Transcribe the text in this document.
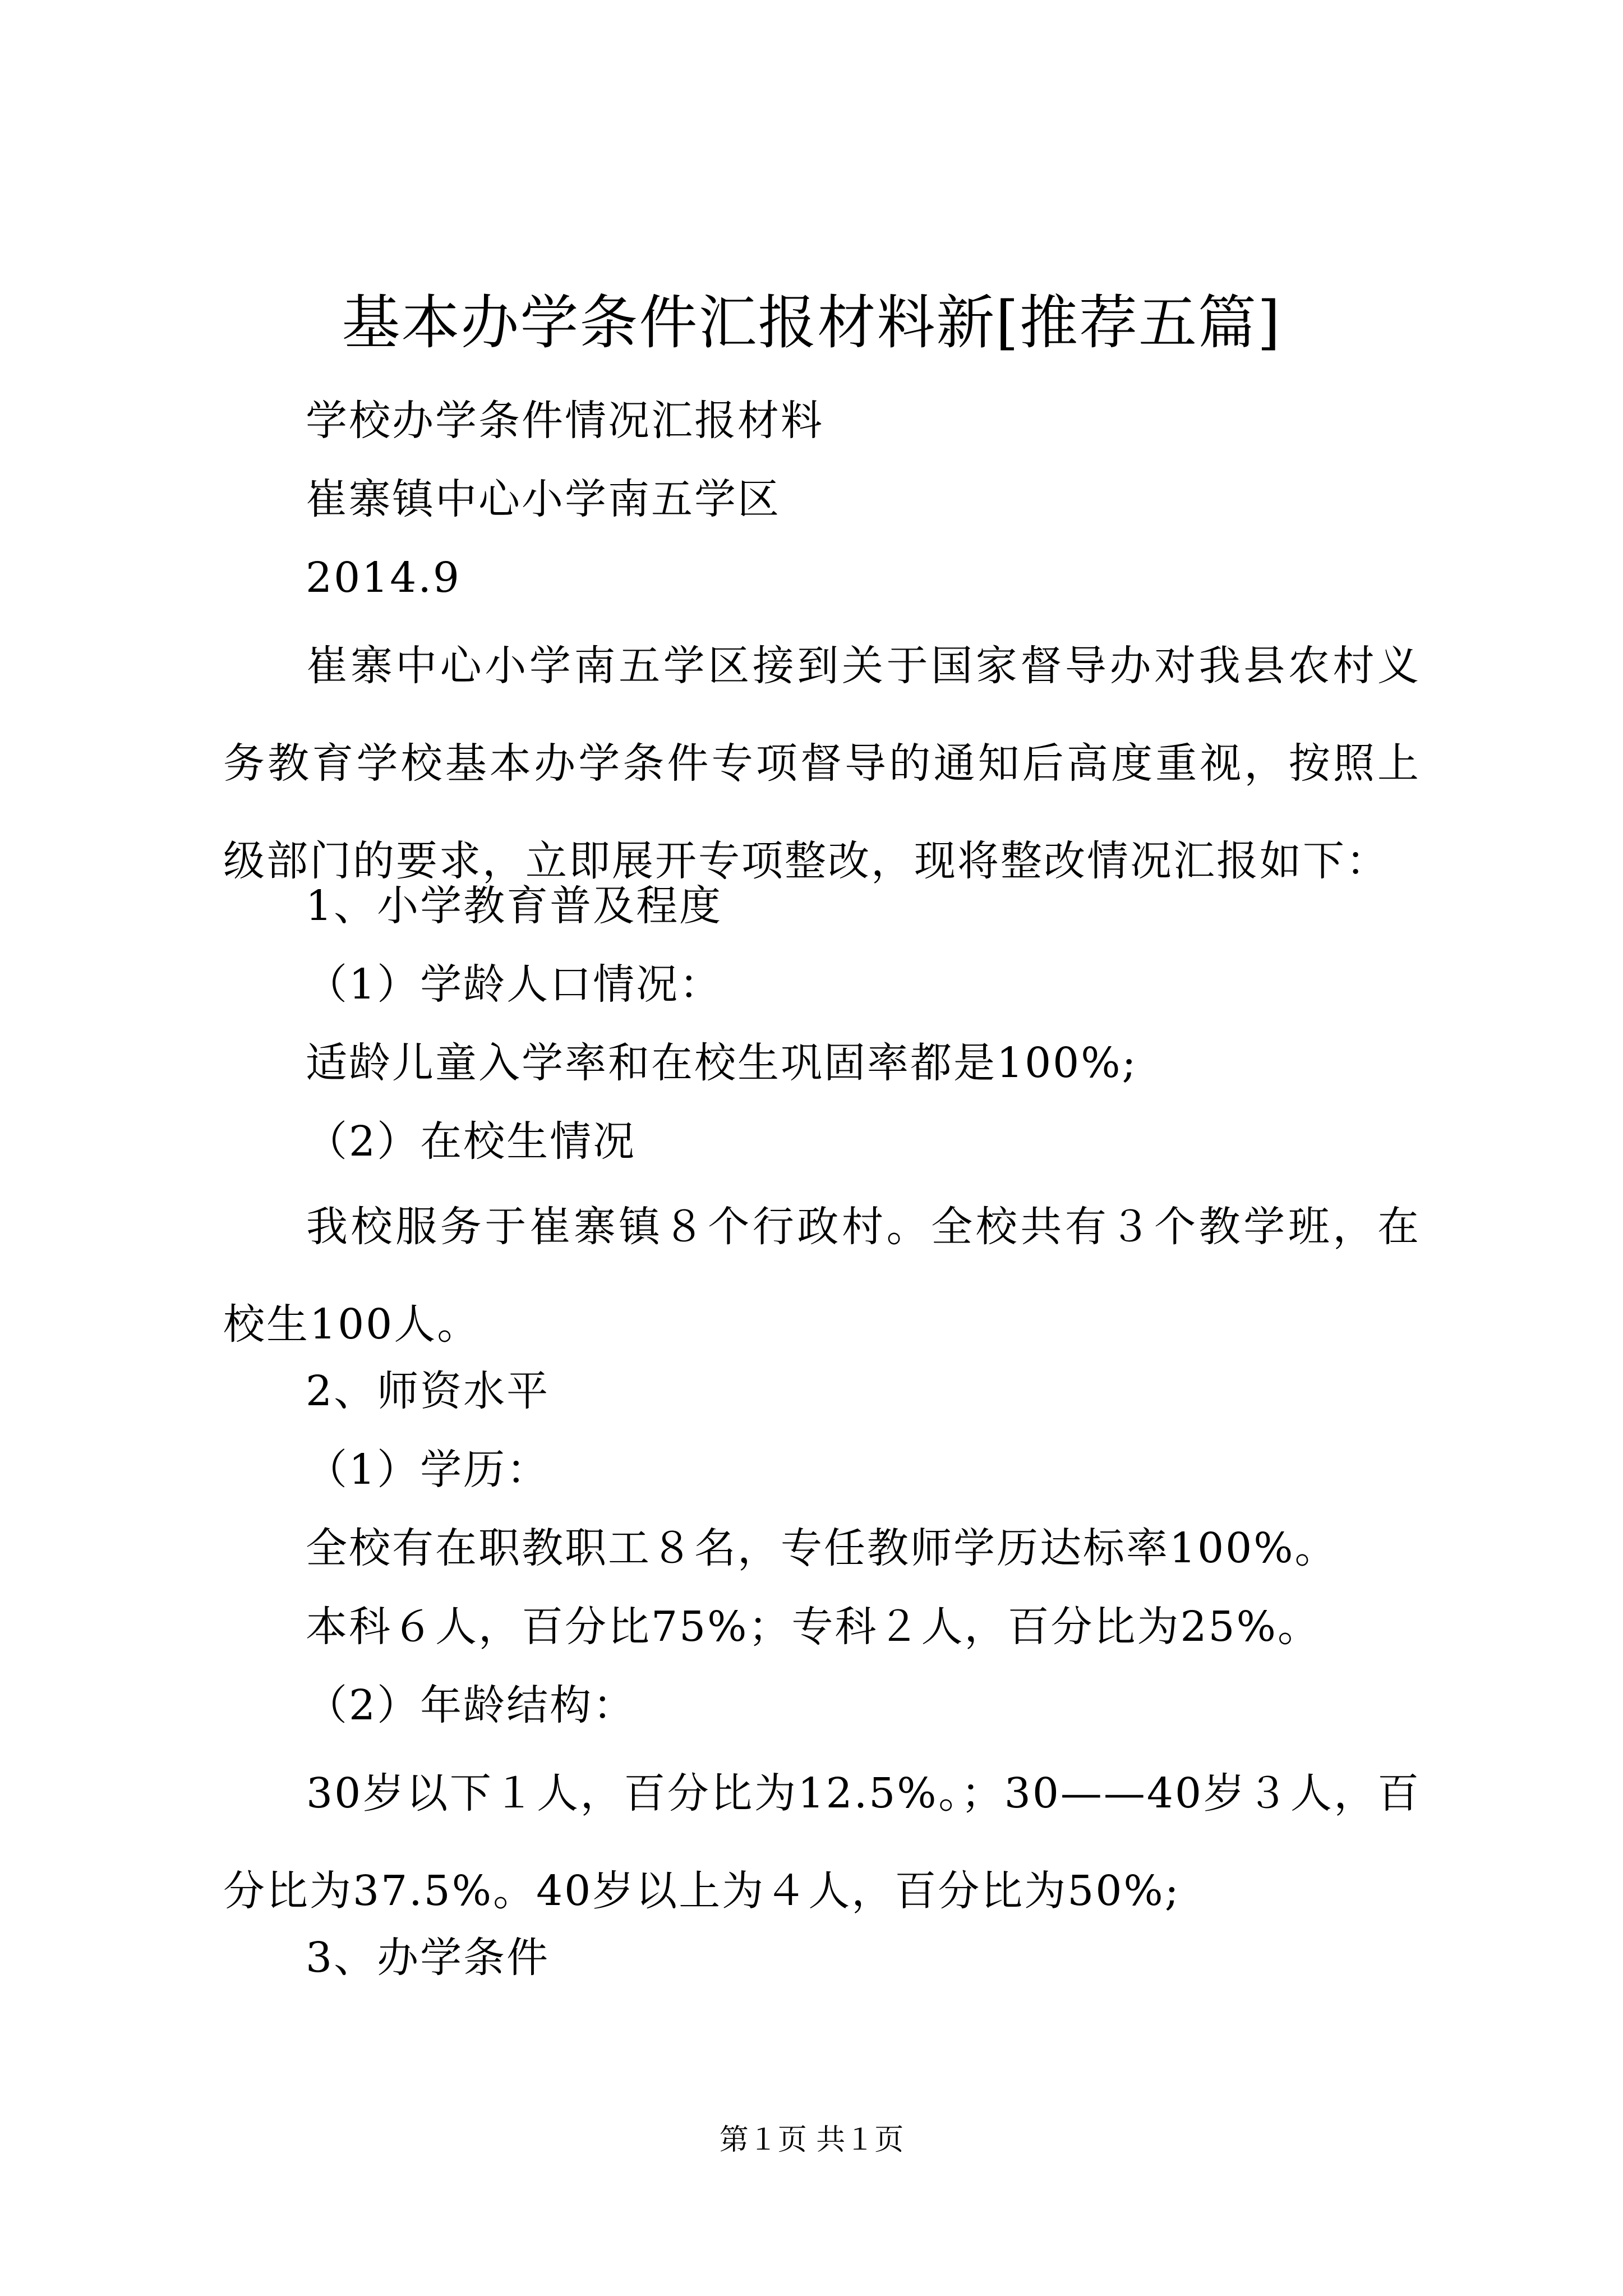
基本办学条件汇报材料新[推荐五篇]
学校办学条件情况汇报材料
崔寨镇中心小学南五学区
2014.9
崔寨中心小学南五学区接到关于国家督导办对我县农村义务教育学校基本办学条件专项督导的通知后高度重视，按照上级部门的要求，立即展开专项整改，现将整改情况汇报如下：
1、小学教育普及程度
（1）学龄人口情况：
适龄儿童入学率和在校生巩固率都是100%;
（2）在校生情况
我校服务于崔寨镇８个行政村。全校共有３个教学班，在校生100人。
2、师资水平
（1）学历：
全校有在职教职工８名，专任教师学历达标率100%。
本科６人，百分比75%；专科２人，百分比为25%。
（2）年龄结构：
30岁以下１人，百分比为12.5%。；30——40岁３人，百分比为37.5%。40岁以上为４人，百分比为50%;
3、办学条件
第１页 共１页
